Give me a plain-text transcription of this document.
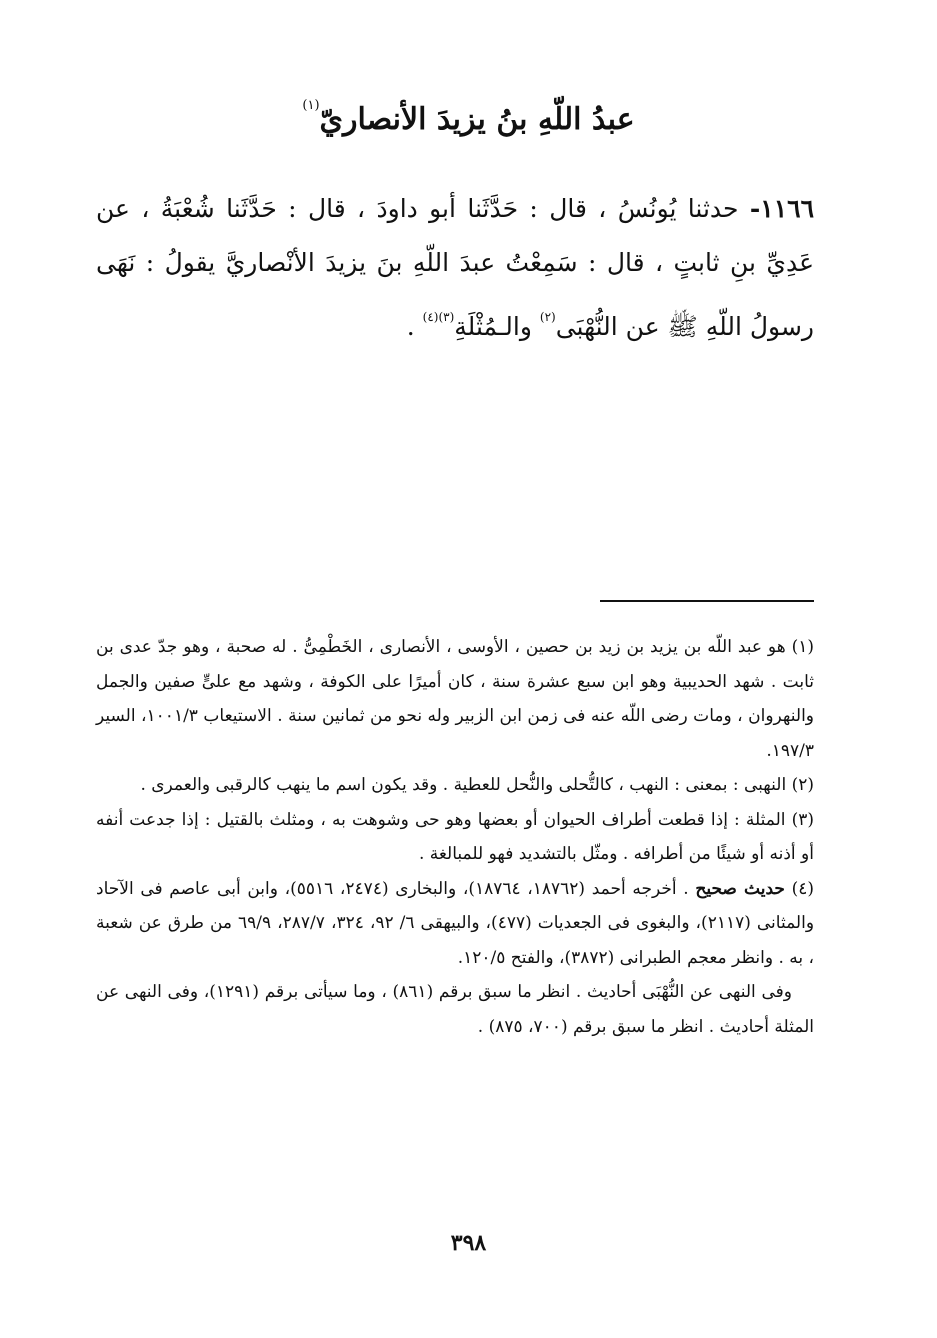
عبدُ اللّهِ بنُ يزيدَ الأنصاريّ$^{(١)}$
١١٦٦- حدثنا يُونُسُ ، قال : حَدَّثَنا أبو داودَ ، قال : حَدَّثَنا شُعْبَةُ ، عن عَدِيِّ بنِ ثابتٍ ، قال : سَمِعْتُ عبدَ اللّهِ بنَ يزيدَ الأنْصاريَّ يقولُ : نَهَى رسولُ اللّهِ ﷺ عن النُّهْبَى$^{(٢)}$ والـمُثْلَةِ$^{(٣)(٤)}$ .

(١) هو عبد اللّه بن يزيد بن زيد بن حصين ، الأوسى ، الأنصارى ، الخَطْمِىُّ . له صحبة ، وهو جدّ عدى بن ثابت . شهد الحديبية وهو ابن سبع عشرة سنة ، كان أميرًا على الكوفة ، وشهد مع علىٍّ صفين والجمل والنهروان ، ومات رضى اللّه عنه فى زمن ابن الزبير وله نحو من ثمانين سنة . الاستيعاب ١٠٠١/٣، السير ١٩٧/٣.

(٢) النهبى : بمعنى : النهب ، كالتُّحلى والنُّحل للعطية . وقد يكون اسم ما ينهب كالرقبى والعمرى .

(٣) المثلة : إذا قطعت أطراف الحيوان أو بعضها وهو حى وشوهت به ، ومثلث بالقتيل : إذا جدعت أنفه أو أذنه أو شيئًا من أطرافه . ومثّل بالتشديد فهو للمبالغة .

(٤) حديث صحيح . أخرجه أحمد (١٨٧٦٢، ١٨٧٦٤)، والبخارى (٢٤٧٤، ٥٥١٦)، وابن أبى عاصم فى الآحاد والمثانى (٢١١٧)، والبغوى فى الجعديات (٤٧٧)، والبيهقى ٦/ ٩٢، ٣٢٤، ٢٨٧/٧، ٦٩/٩ من طرق عن شعبة ، به . وانظر معجم الطبرانى (٣٨٧٢)، والفتح ١٢٠/٥.

وفى النهى عن النُّهْبَى أحاديث . انظر ما سبق برقم (٨٦١) ، وما سيأتى برقم (١٢٩١)، وفى النهى عن المثلة أحاديث . انظر ما سبق برقم (٧٠٠، ٨٧٥) .

٣٩٨
